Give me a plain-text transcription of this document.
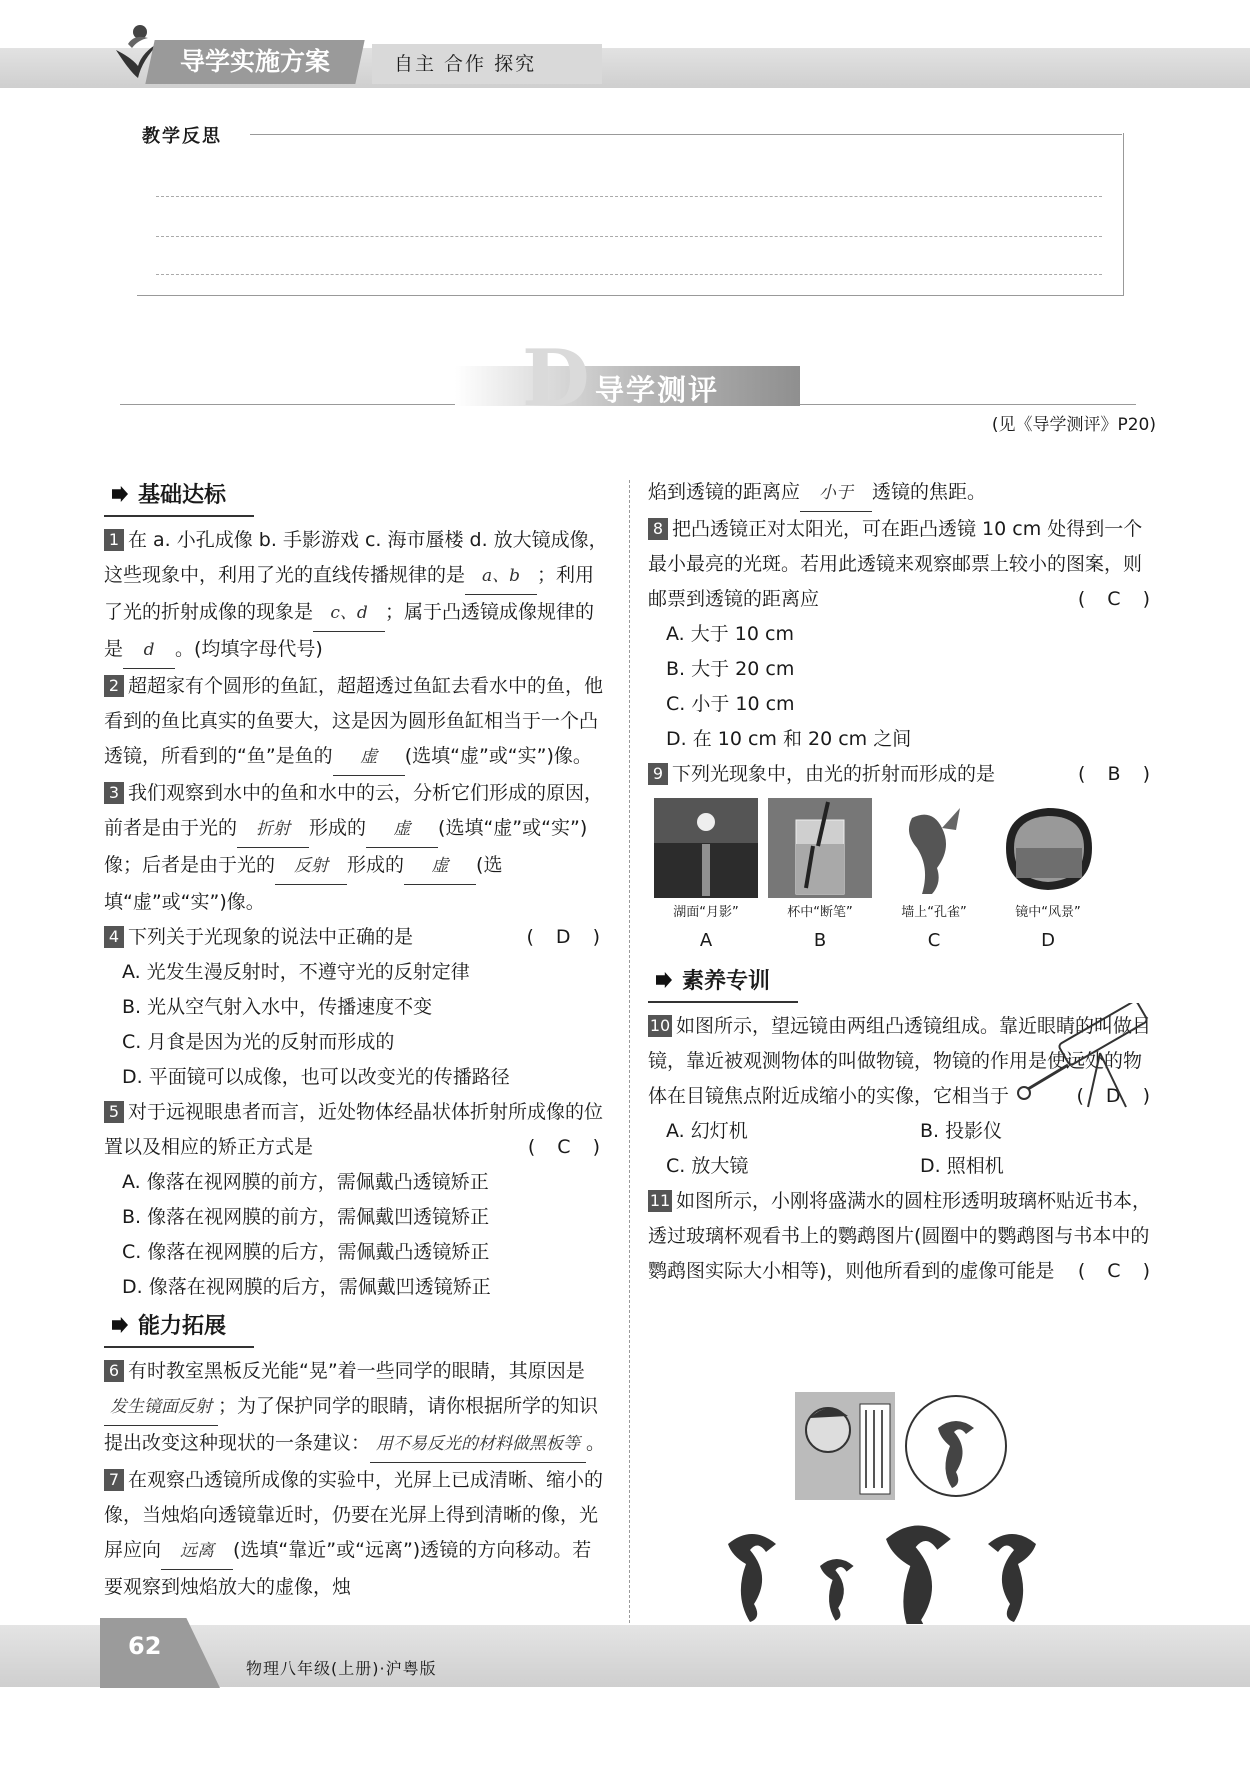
导学实施方案	自主 合作 探究
教学反思
D 导学测评
(见《导学测评》P20)
基础达标

1 在 a. 小孔成像 b. 手影游戏 c. 海市蜃楼 d. 放大镜成像，这些现象中，利用了光的直线传播规律的是 a、b ；利用了光的折射成像的现象是 c、d ；属于凸透镜成像规律的是 d 。(均填字母代号)

2 超超家有个圆形的鱼缸，超超透过鱼缸去看水中的鱼，他看到的鱼比真实的鱼要大，这是因为圆形鱼缸相当于一个凸透镜，所看到的“鱼”是鱼的 虚 (选填“虚”或“实”)像。

3 我们观察到水中的鱼和水中的云，分析它们形成的原因，前者是由于光的 折射 形成的 虚 (选填“虚”或“实”)像；后者是由于光的 反射 形成的 虚 (选填“虚”或“实”)像。

4 下列关于光现象的说法中正确的是	( D )

A. 光发生漫反射时，不遵守光的反射定律
B. 光从空气射入水中，传播速度不变
C. 月食是因为光的反射而形成的
D. 平面镜可以成像，也可以改变光的传播路径

5 对于远视眼患者而言，近处物体经晶状体折射所成像的位置以及相应的矫正方式是	( C )

A. 像落在视网膜的前方，需佩戴凸透镜矫正
B. 像落在视网膜的前方，需佩戴凹透镜矫正
C. 像落在视网膜的后方，需佩戴凸透镜矫正
D. 像落在视网膜的后方，需佩戴凹透镜矫正
能力拓展

6 有时教室黑板反光能“晃”着一些同学的眼睛，其原因是发生镜面反射 ；为了保护同学的眼睛，请你根据所学的知识提出改变这种现状的一条建议： 用不易反光的材料做黑板等 。

7 在观察凸透镜所成像的实验中，光屏上已成清晰、缩小的像，当烛焰向透镜靠近时，仍要在光屏上得到清晰的像，光屏应向 远离 (选填“靠近”或“远离”)透镜的方向移动。若要观察到烛焰放大的虚像，烛

焰到透镜的距离应 小于 透镜的焦距。

8 把凸透镜正对太阳光，可在距凸透镜 10 cm 处得到一个最小最亮的光斑。若用此透镜来观察邮票上较小的图案，则邮票到透镜的距离应	( C )

A. 大于 10 cm
B. 大于 20 cm
C. 小于 10 cm
D. 在 10 cm 和 20 cm 之间

9 下列光现象中，由光的折射而形成的是	( B )

湖面“月影”
A
杯中“断笔”
B
墙上“孔雀”
C
镜中“风景”
D
素养专训

10 如图所示，望远镜由两组凸透镜组成。靠近眼睛的叫做目镜，靠近被观测物体的叫做物镜，物镜的作用是使远处的物体在目镜焦点附近成缩小的实像，它相当于	( D )

A. 幻灯机	B. 投影仪
C. 放大镜	D. 照相机

11 如图所示，小刚将盛满水的圆柱形透明玻璃杯贴近书本，透过玻璃杯观看书上的鹦鹉图片(圆圈中的鹦鹉图与书本中的鹦鹉图实际大小相等)，则他所看到的虚像可能是 ( C )

62
物理八年级(上册)·沪粤版
